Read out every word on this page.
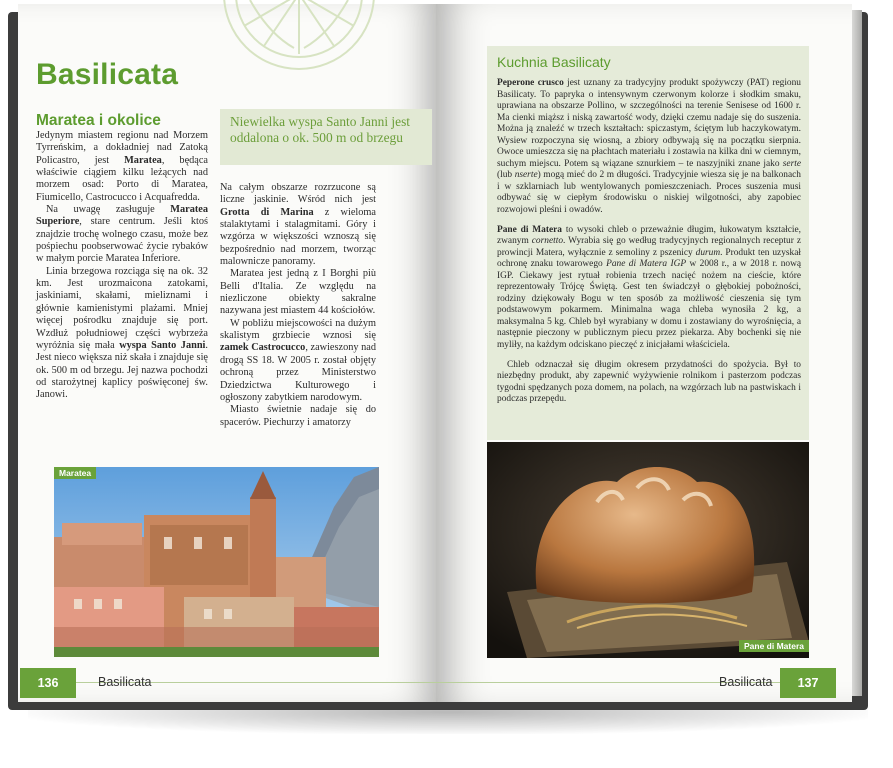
Basilicata
Maratea i okolice

Jedynym miastem regionu nad Morzem Tyrreńskim, a dokładniej nad Zatoką Policastro, jest Maratea, będąca właściwie ciągiem kilku leżących nad morzem osad: Porto di Maratea, Fiumicello, Castrocucco i Acquafredda.

Na uwagę zasługuje Maratea Superiore, stare centrum. Jeśli ktoś znajdzie trochę wolnego czasu, może bez pośpiechu poobserwować życie rybaków w małym porcie Maratea Inferiore.

Linia brzegowa rozciąga się na ok. 32 km. Jest urozmaicona zatokami, jaskiniami, skałami, mieliznami i głównie kamienistymi plażami. Mniej więcej pośrodku znajduje się port. Wzdłuż południowej części wybrzeża wyróżnia się mała wyspa Santo Janni. Jest nieco większa niż skała i znajduje się ok. 500 m od brzegu. Jej nazwa pochodzi od starożytnej kaplicy poświęconej św. Janowi.

Niewielka wyspa Santo Janni jest oddalona o ok. 500 m od brzegu

Na całym obszarze rozrzucone są liczne jaskinie. Wśród nich jest Grotta di Marina z wieloma stalaktytami i stalagmitami. Góry i wzgórza w większości wznoszą się bezpośrednio nad morzem, tworząc malownicze panoramy.

Maratea jest jedną z I Borghi più Belli d'Italia. Ze względu na niezliczone obiekty sakralne nazywana jest miastem 44 kościołów.

W pobliżu miejscowości na dużym skalistym grzbiecie wznosi się zamek Castrocucco, zawieszony nad drogą SS 18. W 2005 r. został objęty ochroną przez Ministerstwo Dziedzictwa Kulturowego i ogłoszony zabytkiem narodowym.

Miasto świetnie nadaje się do spacerów. Piechurzy i amatorzy

Maratea
136	Basilicata
Kuchnia Basilicaty

Peperone crusco jest uznany za tradycyjny produkt spożywczy (PAT) regionu Basilicaty. To papryka o intensywnym czerwonym kolorze i słodkim smaku, uprawiana na obszarze Pollino, w szczególności na terenie Senisese od 1600 r. Ma cienki miąższ i niską zawartość wody, dzięki czemu nadaje się do suszenia. Można ją znaleźć w trzech kształtach: spiczastym, ściętym lub haczykowatym. Wysiew rozpoczyna się wiosną, a zbiory odbywają się na początku sierpnia. Owoce umieszcza się na płachtach materiału i zostawia na kilka dni w ciemnym, suchym miejscu. Potem są wiązane sznurkiem – te naszyjniki znane jako serte (lub nserte) mogą mieć do 2 m długości. Tradycyjnie wiesza się je na balkonach i w szklarniach lub wentylowanych pomieszczeniach. Proces suszenia musi odbywać się w ciepłym środowisku o niskiej wilgotności, aby zapobiec rozwojowi pleśni i owadów.

Pane di Matera to wysoki chleb o przeważnie długim, łukowatym kształcie, zwanym cornetto. Wyrabia się go według tradycyjnych regionalnych receptur z prowincji Matera, wyłącznie z semoliny z pszenicy durum. Produkt ten uzyskał ochronę znaku towarowego Pane di Matera IGP w 2008 r., a w 2018 r. nową IGP. Ciekawy jest rytuał robienia trzech nacięć nożem na cieście, które reprezentowały Trójcę Świętą. Gest ten świadczył o głębokiej pobożności, rodziny dziękowały Bogu w ten sposób za możliwość cieszenia się tym podstawowym pokarmem. Minimalna waga chleba wynosiła 2 kg, a maksymalna 5 kg. Chleb był wyrabiany w domu i zostawiany do wyrośnięcia, a następnie pieczony w publicznym piecu przez piekarza. Aby bochenki się nie myliły, na każdym odciskano pieczęć z inicjałami właściciela.

Chleb odznaczał się długim okresem przydatności do spożycia. Był to niezbędny produkt, aby zapewnić wyżywienie rolnikom i pasterzom podczas tygodni spędzanych poza domem, na polach, na wzgórzach lub na pastwiskach i podczas przepędu.

Pane di Matera
Basilicata	137
